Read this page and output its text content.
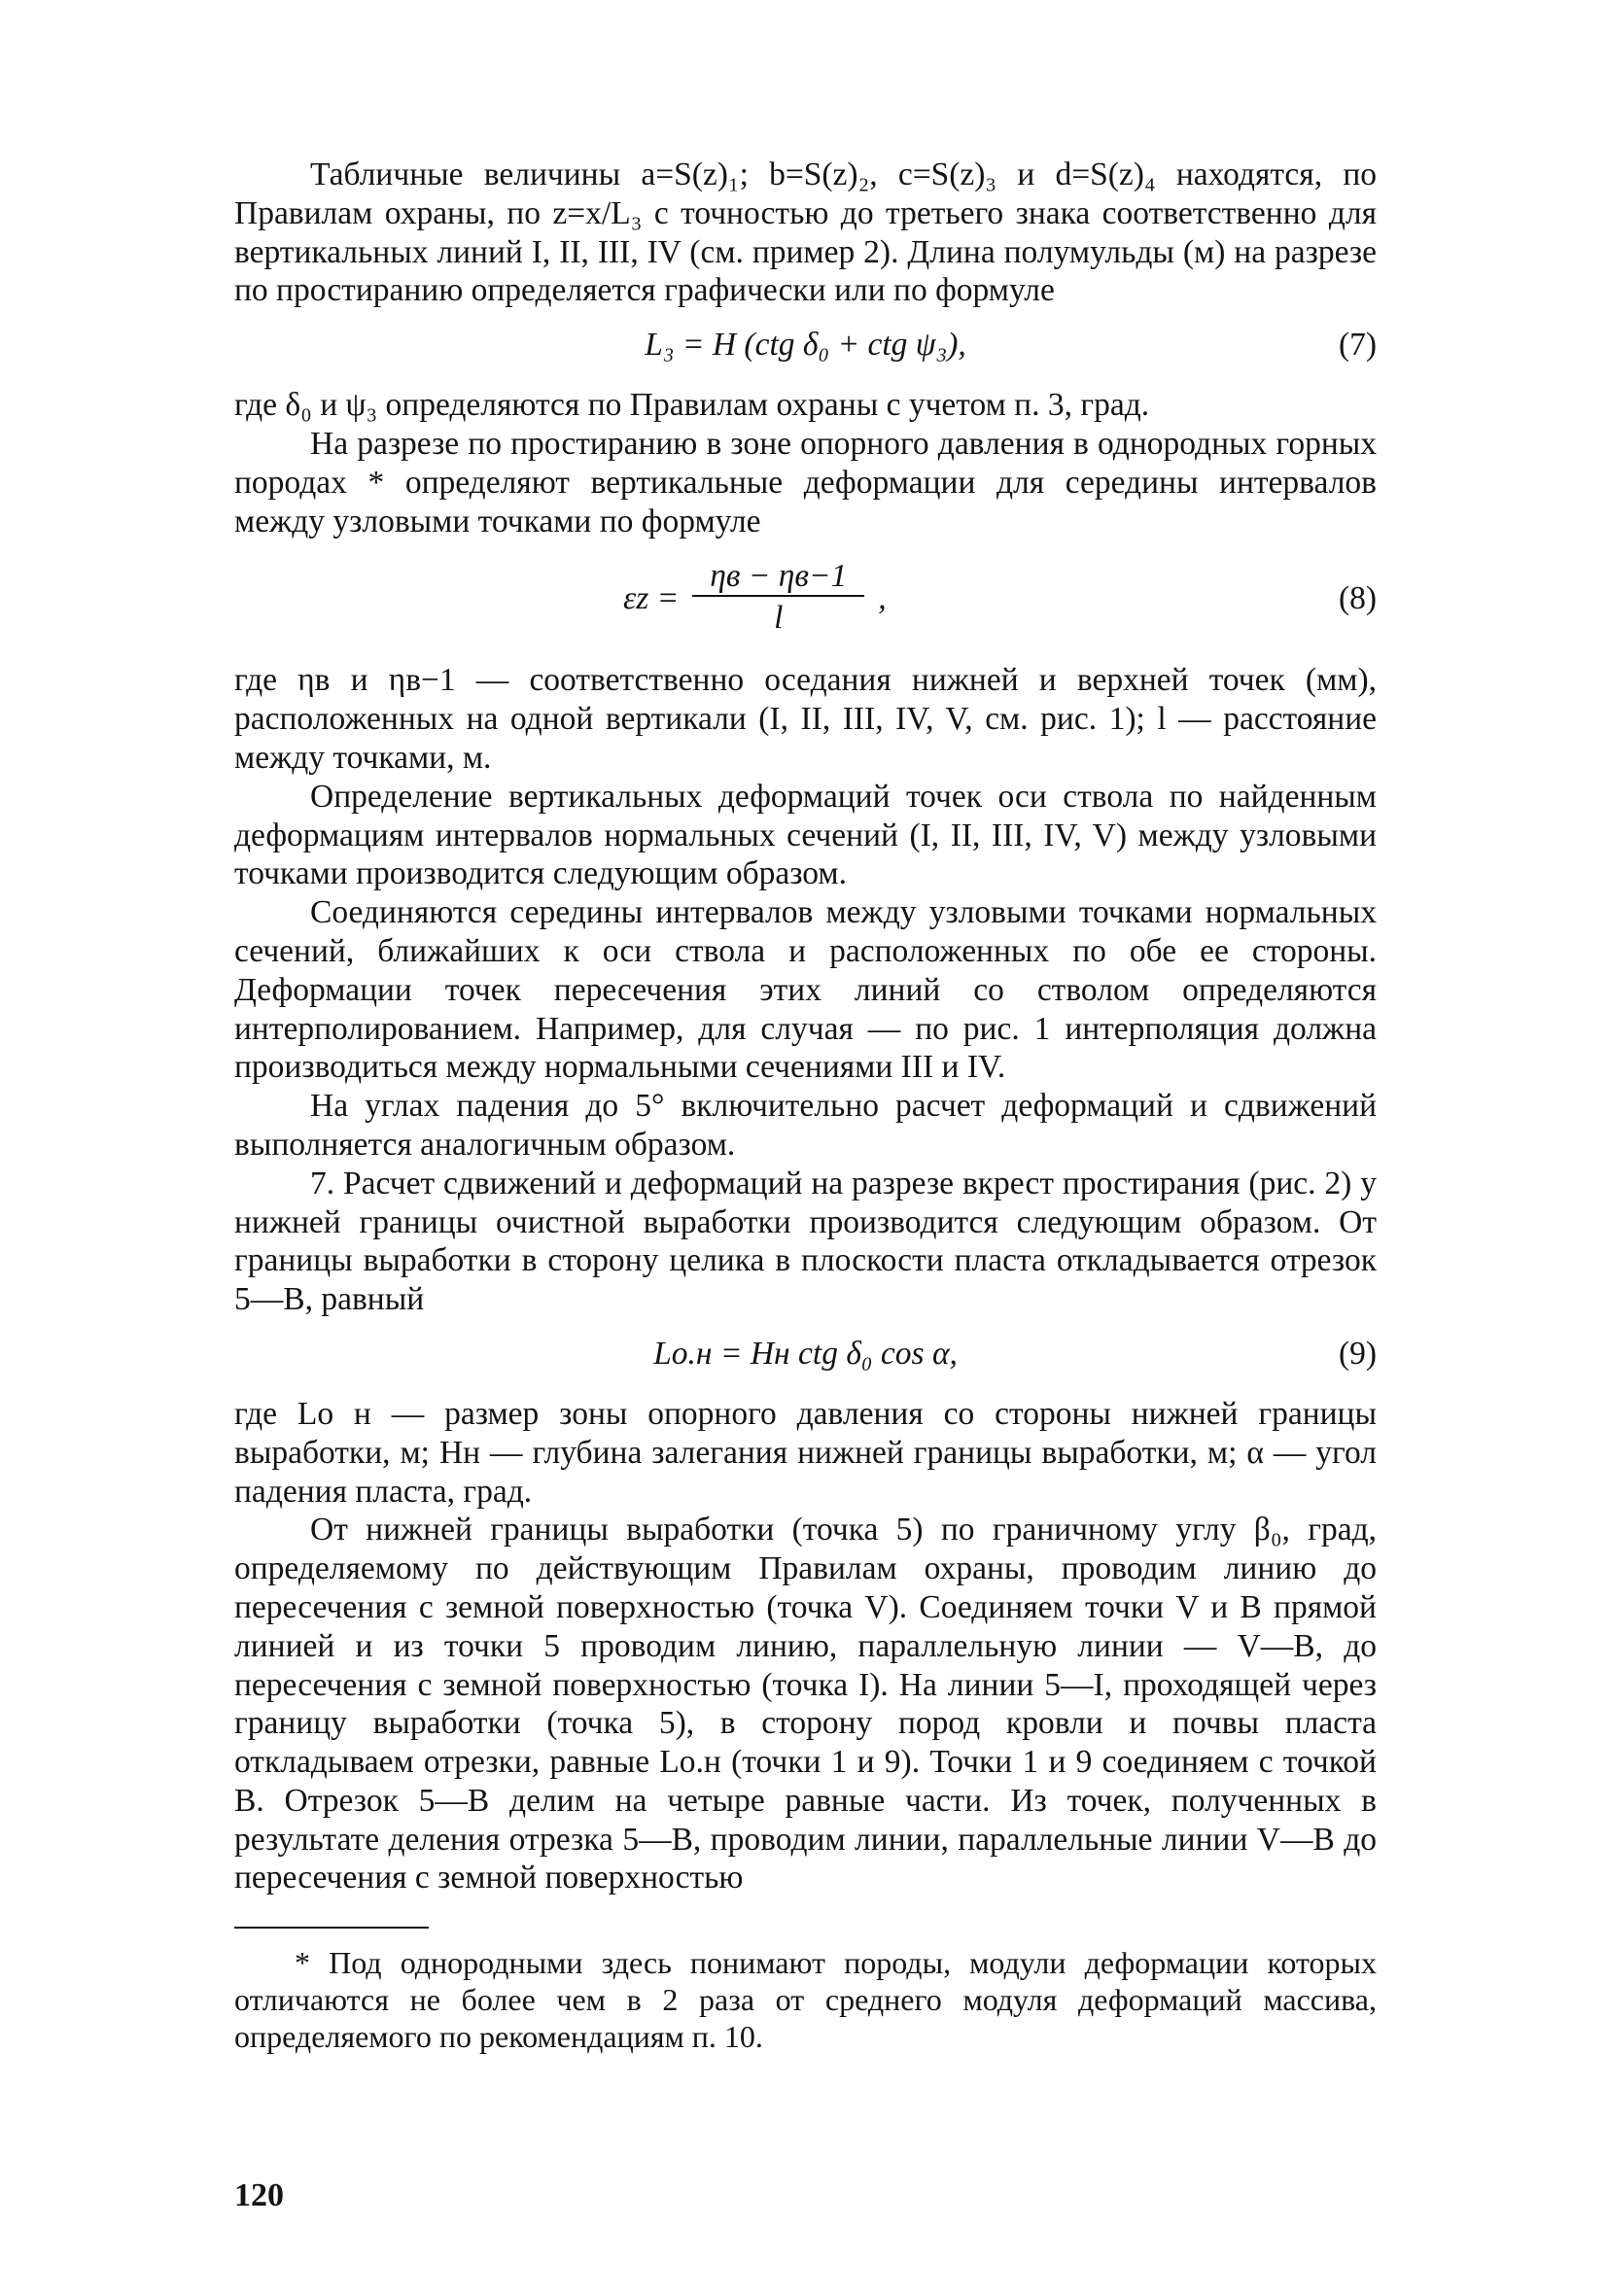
Табличные величины a=S(z)₁; b=S(z)₂, c=S(z)₃ и d=S(z)₄ находятся, по Правилам охраны, по z=x/L₃ с точностью до третьего знака соответственно для вертикальных линий I, II, III, IV (см. пример 2). Длина полумульды (м) на разрезе по простиранию определяется графически или по формуле

L₃ = H (ctg δ₀ + ctg ψ₃),	(7)

где δ₀ и ψ₃ определяются по Правилам охраны с учетом п. 3, град.

На разрезе по простиранию в зоне опорного давления в однородных горных породах * определяют вертикальные деформации для середины интервалов между узловыми точками по формуле

$\varepsilon z = \frac{\eta в - \eta в-1}{l}$ ,	(8)

где ηв и ηв−1 — соответственно оседания нижней и верхней точек (мм), расположенных на одной вертикали (I, II, III, IV, V, см. рис. 1); l — расстояние между точками, м.

Определение вертикальных деформаций точек оси ствола по найденным деформациям интервалов нормальных сечений (I, II, III, IV, V) между узловыми точками производится следующим образом.

Соединяются середины интервалов между узловыми точками нормальных сечений, ближайших к оси ствола и расположенных по обе ее стороны. Деформации точек пересечения этих линий со стволом определяются интерполированием. Например, для случая — по рис. 1 интерполяция должна производиться между нормальными сечениями III и IV.

На углах падения до 5° включительно расчет деформаций и сдвижений выполняется аналогичным образом.

7. Расчет сдвижений и деформаций на разрезе вкрест простирания (рис. 2) у нижней границы очистной выработки производится следующим образом. От границы выработки в сторону целика в плоскости пласта откладывается отрезок 5—B, равный

Lо.н = Hн ctg δ₀ cos α,	(9)

где Lо н — размер зоны опорного давления со стороны нижней границы выработки, м; Hн — глубина залегания нижней границы выработки, м; α — угол падения пласта, град.

От нижней границы выработки (точка 5) по граничному углу β₀, град, определяемому по действующим Правилам охраны, проводим линию до пересечения с земной поверхностью (точка V). Соединяем точки V и B прямой линией и из точки 5 проводим линию, параллельную линии — V—B, до пересечения с земной поверхностью (точка I). На линии 5—I, проходящей через границу выработки (точка 5), в сторону пород кровли и почвы пласта откладываем отрезки, равные Lо.н (точки 1 и 9). Точки 1 и 9 соединяем с точкой B. Отрезок 5—B делим на четыре равные части. Из точек, полученных в результате деления отрезка 5—B, проводим линии, параллельные линии V—B до пересечения с земной поверхностью

* Под однородными здесь понимают породы, модули деформации которых отличаются не более чем в 2 раза от среднего модуля деформаций массива, определяемого по рекомендациям п. 10.

120
